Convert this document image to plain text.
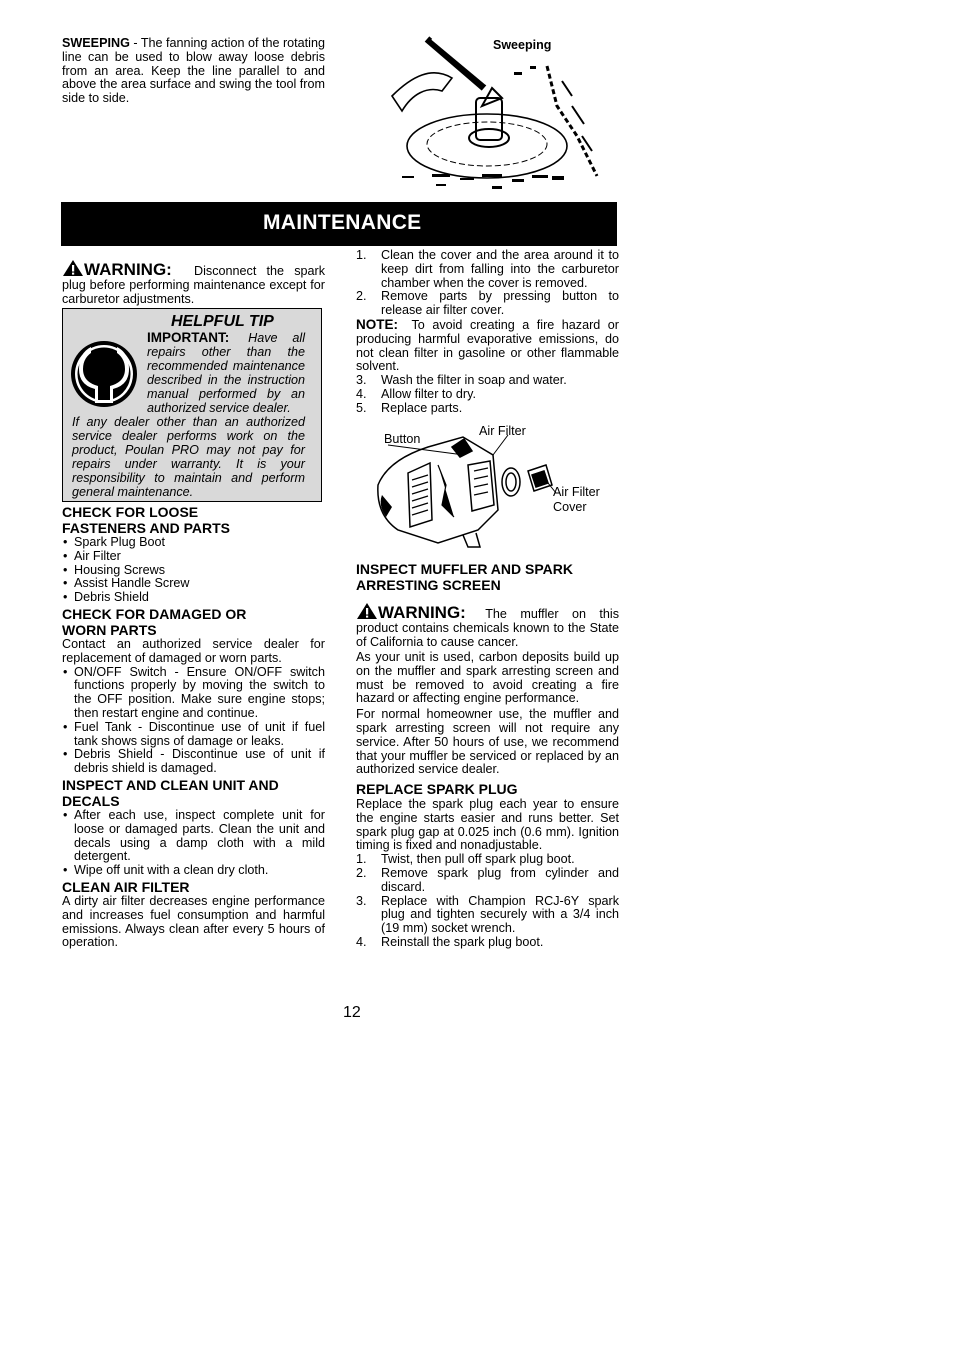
SWEEPING - The fanning action of the rotating line can be used to blow away loose debris from an area. Keep the line parallel to and above the area surface and swing the tool from side to side.
Sweeping
MAINTENANCE
WARNING: Disconnect the spark plug before performing maintenance except for carburetor adjustments.
HELPFUL TIP
IMPORTANT: Have all repairs other than the recommended maintenance described in the instruction manual performed by an authorized service dealer.
If any dealer other than an authorized service dealer performs work on the product, Poulan PRO may not pay for repairs under warranty. It is your responsibility to maintain and perform general maintenance.

CHECK FOR LOOSE FASTENERS AND PARTS

• Spark Plug Boot
• Air Filter
• Housing Screws
• Assist Handle Screw
• Debris Shield

CHECK FOR DAMAGED OR WORN PARTS

Contact an authorized service dealer for replacement of damaged or worn parts.

• ON/OFF Switch - Ensure ON/OFF switch functions properly by moving the switch to the OFF position. Make sure engine stops; then restart engine and continue.
• Fuel Tank - Discontinue use of unit if fuel tank shows signs of damage or leaks.
• Debris Shield - Discontinue use of unit if debris shield is damaged.

INSPECT AND CLEAN UNIT AND DECALS

• After each use, inspect complete unit for loose or damaged parts. Clean the unit and decals using a damp cloth with a mild detergent.
• Wipe off unit with a clean dry cloth.

CLEAN AIR FILTER

A dirty air filter decreases engine performance and increases fuel consumption and harmful emissions. Always clean after every 5 hours of operation.

1. Clean the cover and the area around it to keep dirt from falling into the carburetor chamber when the cover is removed.
2. Remove parts by pressing button to release air filter cover.

NOTE: To avoid creating a fire hazard or producing harmful evaporative emissions, do not clean filter in gasoline or other flammable solvent.

3. Wash the filter in soap and water.
4. Allow filter to dry.
5. Replace parts.
Button
Air Filter
Air Filter
Cover

INSPECT MUFFLER AND SPARK ARRESTING SCREEN

WARNING: The muffler on this product contains chemicals known to the State of California to cause cancer.

As your unit is used, carbon deposits build up on the muffler and spark arresting screen and must be removed to avoid creating a fire hazard or affecting engine performance.

For normal homeowner use, the muffler and spark arresting screen will not require any service. After 50 hours of use, we recommend that your muffler be serviced or replaced by an authorized service dealer.

REPLACE SPARK PLUG

Replace the spark plug each year to ensure the engine starts easier and runs better. Set spark plug gap at 0.025 inch (0.6 mm). Ignition timing is fixed and nonadjustable.

1. Twist, then pull off spark plug boot.
2. Remove spark plug from cylinder and discard.
3. Replace with Champion RCJ-6Y spark plug and tighten securely with a 3/4 inch (19 mm) socket wrench.
4. Reinstall the spark plug boot.
12
